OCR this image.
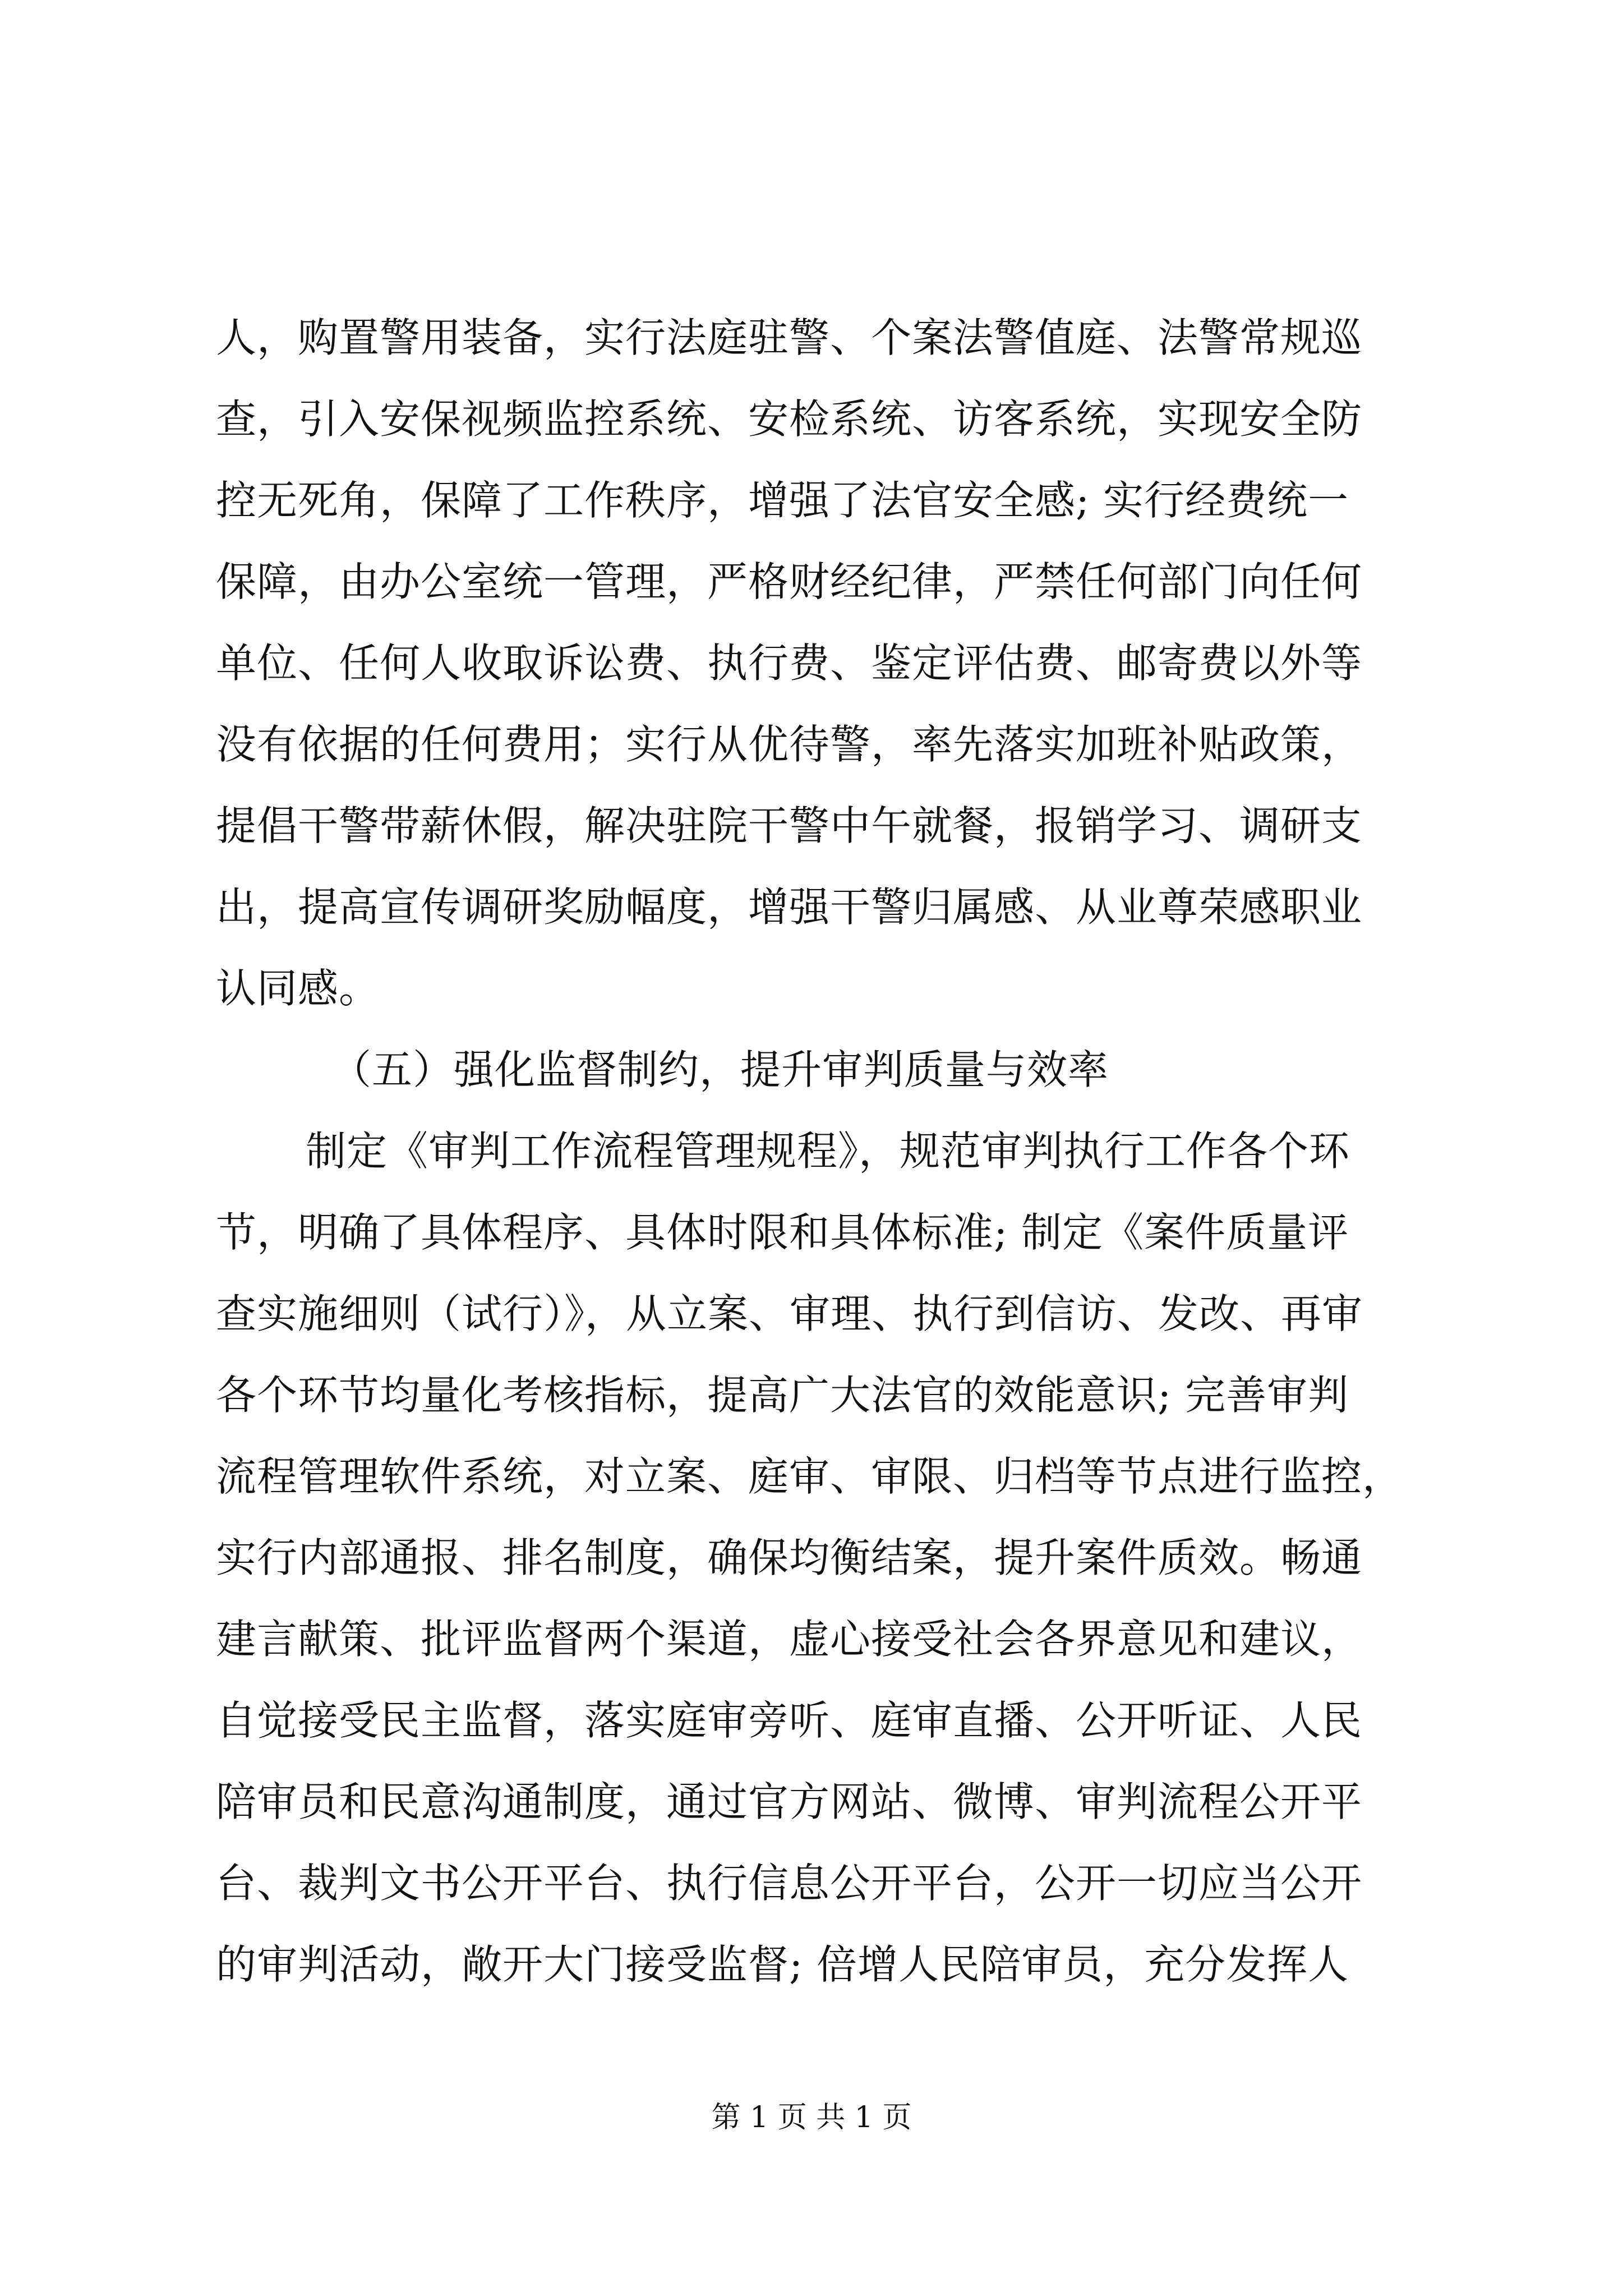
人，购置警用装备，实行法庭驻警、个案法警值庭、法警常规巡
查，引入安保视频监控系统、安检系统、访客系统，实现安全防
控无死角，保障了工作秩序，增强了法官安全感; 实行经费统一
保障，由办公室统一管理，严格财经纪律，严禁任何部门向任何
单位、任何人收取诉讼费、执行费、鉴定评估费、邮寄费以外等
没有依据的任何费用；实行从优待警，率先落实加班补贴政策，
提倡干警带薪休假，解决驻院干警中午就餐，报销学习、调研支
出，提高宣传调研奖励幅度，增强干警归属感、从业尊荣感职业
认同感。
（五）强化监督制约，提升审判质量与效率
制定《审判工作流程管理规程》，规范审判执行工作各个环
节，明确了具体程序、具体时限和具体标准; 制定《案件质量评
查实施细则（试行）》，从立案、审理、执行到信访、发改、再审
各个环节均量化考核指标，提高广大法官的效能意识; 完善审判
流程管理软件系统，对立案、庭审、审限、归档等节点进行监控，
实行内部通报、排名制度，确保均衡结案，提升案件质效。畅通
建言献策、批评监督两个渠道，虚心接受社会各界意见和建议，
自觉接受民主监督，落实庭审旁听、庭审直播、公开听证、人民
陪审员和民意沟通制度，通过官方网站、微博、审判流程公开平
台、裁判文书公开平台、执行信息公开平台，公开一切应当公开
的审判活动，敞开大门接受监督; 倍增人民陪审员，充分发挥人
第 1 页 共 1 页
